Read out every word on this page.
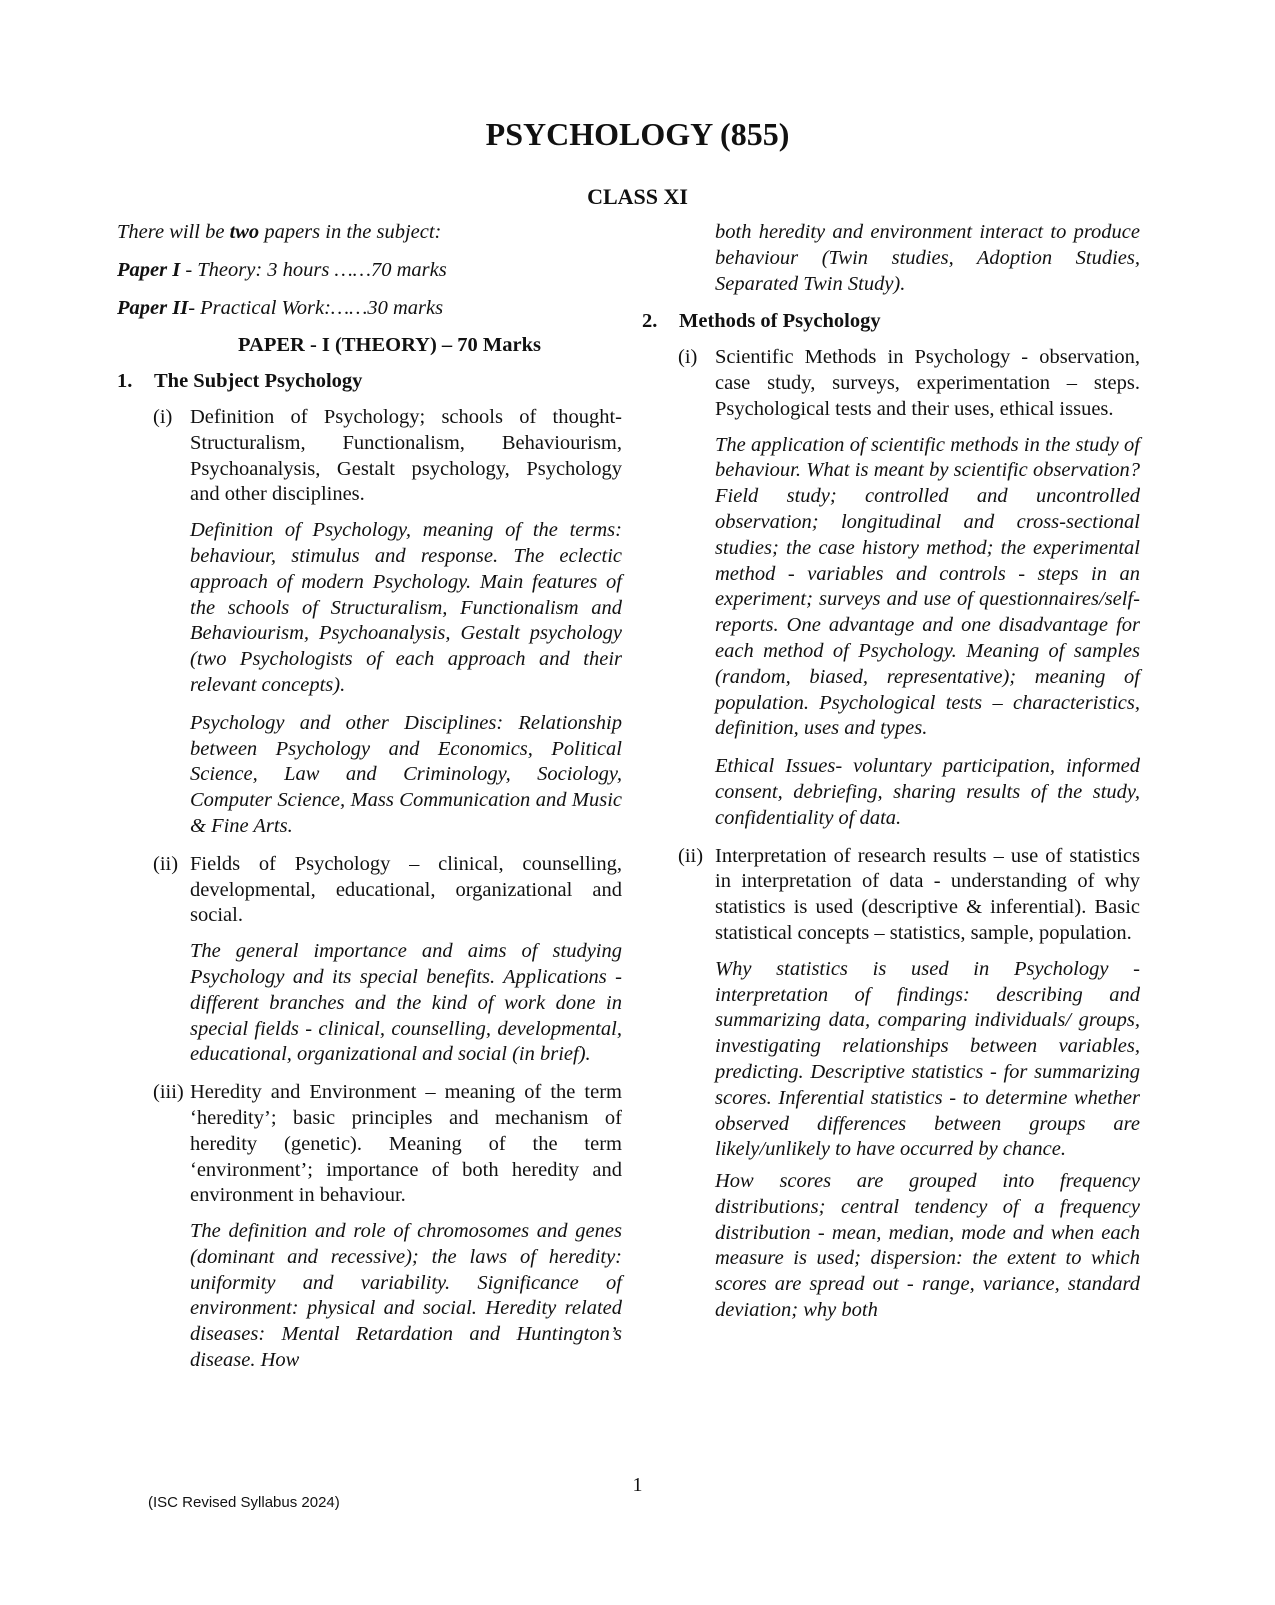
PSYCHOLOGY (855)
CLASS XI

There will be two papers in the subject:

Paper I - Theory: 3 hours ……70 marks

Paper II- Practical Work:……30 marks

PAPER - I (THEORY) – 70 Marks

1.	The Subject Psychology
(i) Definition of Psychology; schools of thought-Structuralism, Functionalism, Behaviourism, Psychoanalysis, Gestalt psychology, Psychology and other disciplines.

Definition of Psychology, meaning of the terms: behaviour, stimulus and response. The eclectic approach of modern Psychology. Main features of the schools of Structuralism, Functionalism and Behaviourism, Psychoanalysis, Gestalt psychology (two Psychologists of each approach and their relevant concepts).

Psychology and other Disciplines: Relationship between Psychology and Economics, Political Science, Law and Criminology, Sociology, Computer Science, Mass Communication and Music & Fine Arts.

(ii) Fields of Psychology – clinical, counselling, developmental, educational, organizational and social.

The general importance and aims of studying Psychology and its special benefits. Applications - different branches and the kind of work done in special fields - clinical, counselling, developmental, educational, organizational and social (in brief).

(iii) Heredity and Environment – meaning of the term ‘heredity’; basic principles and mechanism of heredity (genetic). Meaning of the term ‘environment’; importance of both heredity and environment in behaviour.

The definition and role of chromosomes and genes (dominant and recessive); the laws of heredity: uniformity and variability. Significance of environment: physical and social. Heredity related diseases: Mental Retardation and Huntington’s disease. How

both heredity and environment interact to produce behaviour (Twin studies, Adoption Studies, Separated Twin Study).

2.	Methods of Psychology
(i) Scientific Methods in Psychology - observation, case study, surveys, experimentation – steps. Psychological tests and their uses, ethical issues.

The application of scientific methods in the study of behaviour. What is meant by scientific observation? Field study; controlled and uncontrolled observation; longitudinal and cross-sectional studies; the case history method; the experimental method - variables and controls - steps in an experiment; surveys and use of questionnaires/self-reports. One advantage and one disadvantage for each method of Psychology. Meaning of samples (random, biased, representative); meaning of population. Psychological tests – characteristics, definition, uses and types.

Ethical Issues- voluntary participation, informed consent, debriefing, sharing results of the study, confidentiality of data.

(ii) Interpretation of research results – use of statistics in interpretation of data - understanding of why statistics is used (descriptive & inferential). Basic statistical concepts – statistics, sample, population.

Why statistics is used in Psychology - interpretation of findings: describing and summarizing data, comparing individuals/ groups, investigating relationships between variables, predicting. Descriptive statistics - for summarizing scores. Inferential statistics - to determine whether observed differences between groups are likely/unlikely to have occurred by chance.

How scores are grouped into frequency distributions; central tendency of a frequency distribution - mean, median, mode and when each measure is used; dispersion: the extent to which scores are spread out - range, variance, standard deviation; why both

1
(ISC Revised Syllabus 2024)
